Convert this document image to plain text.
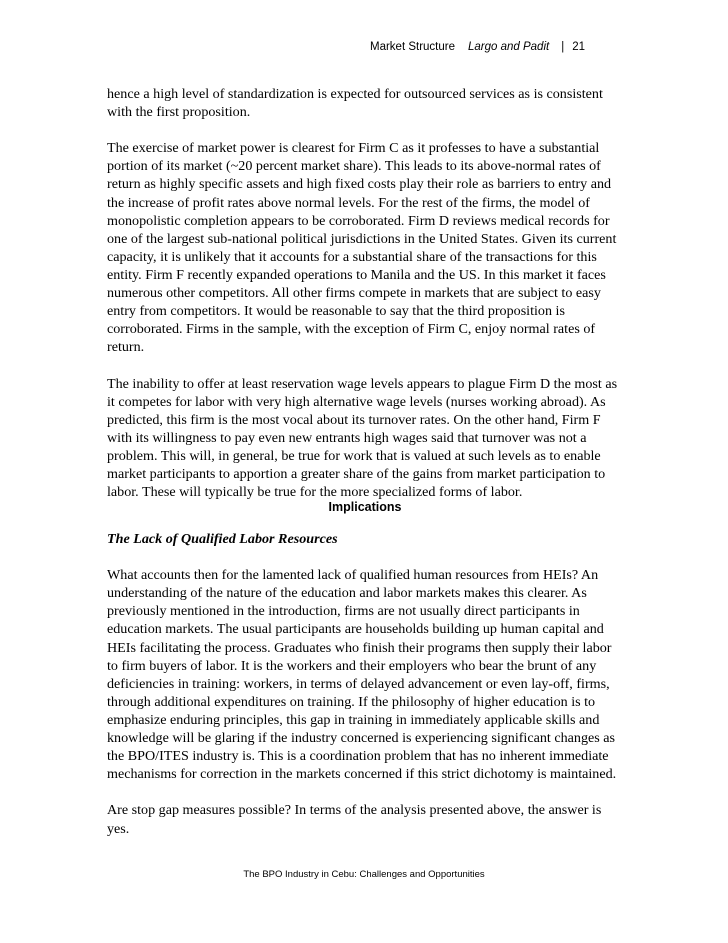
Market Structure Largo and Padit | 21

hence a high level of standardization is expected for outsourced services as is consistent with the first proposition.

The exercise of market power is clearest for Firm C as it professes to have a substantial portion of its market (~20 percent market share). This leads to its above-normal rates of return as highly specific assets and high fixed costs play their role as barriers to entry and the increase of profit rates above normal levels. For the rest of the firms, the model of monopolistic completion appears to be corroborated. Firm D reviews medical records for one of the largest sub-national political jurisdictions in the United States. Given its current capacity, it is unlikely that it accounts for a substantial share of the transactions for this entity. Firm F recently expanded operations to Manila and the US. In this market it faces numerous other competitors. All other firms compete in markets that are subject to easy entry from competitors. It would be reasonable to say that the third proposition is corroborated. Firms in the sample, with the exception of Firm C, enjoy normal rates of return.

The inability to offer at least reservation wage levels appears to plague Firm D the most as it competes for labor with very high alternative wage levels (nurses working abroad). As predicted, this firm is the most vocal about its turnover rates. On the other hand, Firm F with its willingness to pay even new entrants high wages said that turnover was not a problem. This will, in general, be true for work that is valued at such levels as to enable market participants to apportion a greater share of the gains from market participation to labor. These will typically be true for the more specialized forms of labor.

Implications

The Lack of Qualified Labor Resources

What accounts then for the lamented lack of qualified human resources from HEIs? An understanding of the nature of the education and labor markets makes this clearer. As previously mentioned in the introduction, firms are not usually direct participants in education markets. The usual participants are households building up human capital and HEIs facilitating the process. Graduates who finish their programs then supply their labor to firm buyers of labor. It is the workers and their employers who bear the brunt of any deficiencies in training: workers, in terms of delayed advancement or even lay-off, firms, through additional expenditures on training. If the philosophy of higher education is to emphasize enduring principles, this gap in training in immediately applicable skills and knowledge will be glaring if the industry concerned is experiencing significant changes as the BPO/ITES industry is. This is a coordination problem that has no inherent immediate mechanisms for correction in the markets concerned if this strict dichotomy is maintained.

Are stop gap measures possible? In terms of the analysis presented above, the answer is yes.

The BPO Industry in Cebu: Challenges and Opportunities
